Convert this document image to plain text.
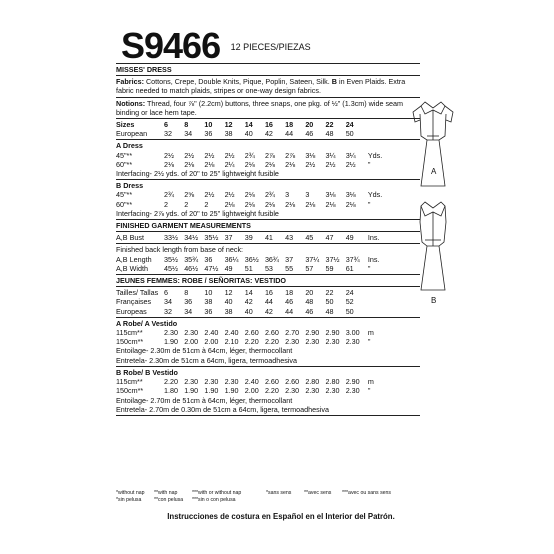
S9466 12 PIECES/PIEZAS
MISSES' DRESS
Fabrics: Cottons, Crepe, Double Knits, Pique, Poplin, Sateen, Silk. B in Even Plaids. Extra fabric needed to match plaids, stripes or one-way design fabrics.
Notions: Thread, four ⅞" (2.2cm) buttons, three snaps, one pkg. of ½" (1.3cm) wide seam binding or lace hem tape.
Sizes	6	8	10	12	14	16	18	20	22	24
European	32	34	36	38	40	42	44	46	48	50
A Dress
45"**	2½	2½	2½	2½	2¾	2⅞	2⅞	3⅛	3¼	3¼	Yds.
60"**	2⅛	2⅛	2⅛	2¼	2⅛	2⅛	2⅛	2½	2½	2½	"
Interfacing- 2½ yds. of 20" to 25" lightweight fusible
B Dress
45"**	2¾	2⅝	2½	2½	2⅛	2¾	3	3	3⅛	3⅛	Yds.
60"**	2	2	2	2⅛	2⅛	2⅛	2⅛	2⅛	2⅛	2⅛	"
Interfacing- 2⅞ yds. of 20" to 25" lightweight fusible
FINISHED GARMENT MEASUREMENTS
A,B Bust	33½ 34½ 35½ 37	39	41	43	45	47	49	Ins.
Finished back length from base of neck:
A,B Length	35½ 35¾ 36	36¼ 36½ 36¾ 37	37¼ 37½ 37¾	Ins.
A,B Width	45½ 46½ 47½ 49	51	53	55	57	59	61	"
JEUNES FEMMES: ROBE / SEÑORITAS: VESTIDO
Tailles/ Tallas 6	8	10	12	14	16	18	20	22	24
Françaises	34	36	38	40	42	44	46	48	50	52
Europeas	32	34	36	38	40	42	44	46	48	50
A Robe/ A Vestido
115cm**	2.30 2.30 2.40 2.40 2.60 2.60 2.70 2.90 2.90 3.00	m
150cm**	1.90 2.00 2.00 2.10 2.20 2.20 2.30 2.30 2.30 2.30	"
Entoilage- 2.30m de 51cm à 64cm, léger, thermocollant
Entretela- 2.30m de 51cm a 64cm, ligera, termoadhesiva
B Robe/ B Vestido
115cm**	2.20 2.30 2.30 2.30 2.40 2.60 2.60 2.80 2.80 2.90	m
150cm**	1.80 1.90 1.90 1.90 2.00 2.20 2.30 2.30 2.30 2.30	"
Entoilage- 2.70m de 51cm à 64cm, léger, thermocollant
Entretela- 2.70m de 0.30m de 51cm a 64cm, ligera, termoadhesiva
*without nap
*sin pelusa
**with nap
**con pelusa
***with or without nap
***sin o con pelusa
*sans sens	**avec sens	***avec ou sans sens
Instrucciones de costura en Español en el Interior del Patrón.
A
B
